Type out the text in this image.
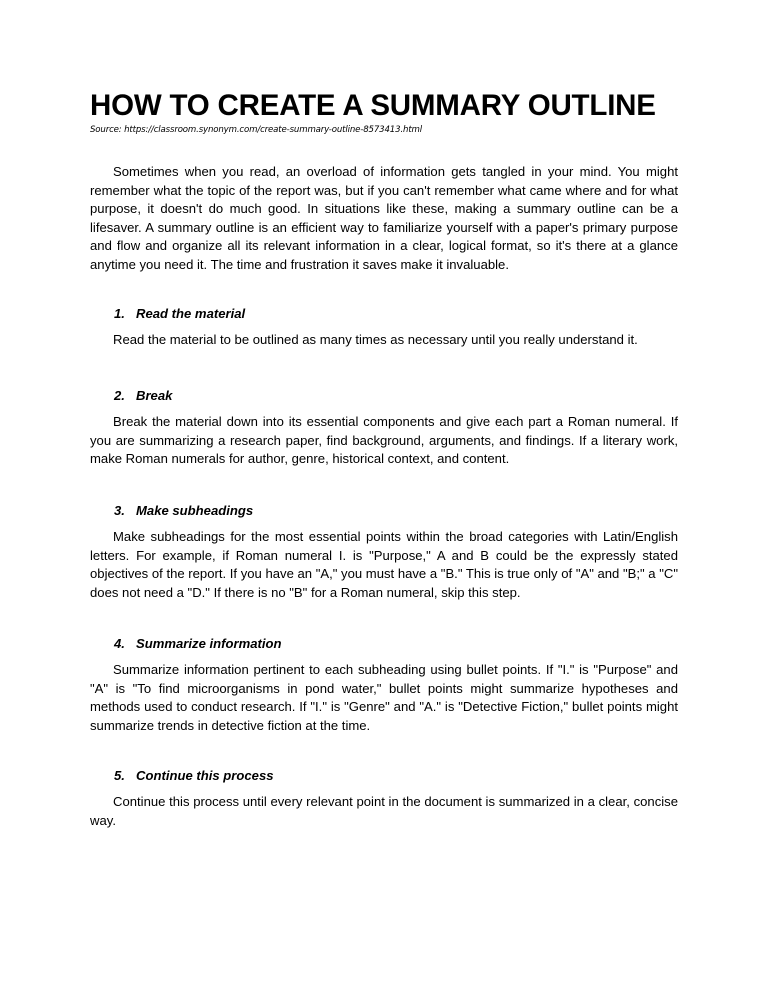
HOW TO CREATE A SUMMARY OUTLINE
Source: https://classroom.synonym.com/create-summary-outline-8573413.html

Sometimes when you read, an overload of information gets tangled in your mind. You might remember what the topic of the report was, but if you can't remember what came where and for what purpose, it doesn't do much good. In situations like these, making a summary outline can be a lifesaver. A summary outline is an efficient way to familiarize yourself with a paper's primary purpose and flow and organize all its relevant information in a clear, logical format, so it's there at a glance anytime you need it. The time and frustration it saves make it invaluable.

1. Read the material

Read the material to be outlined as many times as necessary until you really understand it.

2. Break

Break the material down into its essential components and give each part a Roman numeral. If you are summarizing a research paper, find background, arguments, and findings. If a literary work, make Roman numerals for author, genre, historical context, and content.

3. Make subheadings

Make subheadings for the most essential points within the broad categories with Latin/English letters. For example, if Roman numeral I. is "Purpose," A and B could be the expressly stated objectives of the report. If you have an "A," you must have a "B." This is true only of "A" and "B;" a "C" does not need a "D." If there is no "B" for a Roman numeral, skip this step.

4. Summarize information

Summarize information pertinent to each subheading using bullet points. If "I." is "Purpose" and "A" is "To find microorganisms in pond water," bullet points might summarize hypotheses and methods used to conduct research. If "I." is "Genre" and "A." is "Detective Fiction," bullet points might summarize trends in detective fiction at the time.

5. Continue this process

Continue this process until every relevant point in the document is summarized in a clear, concise way.
